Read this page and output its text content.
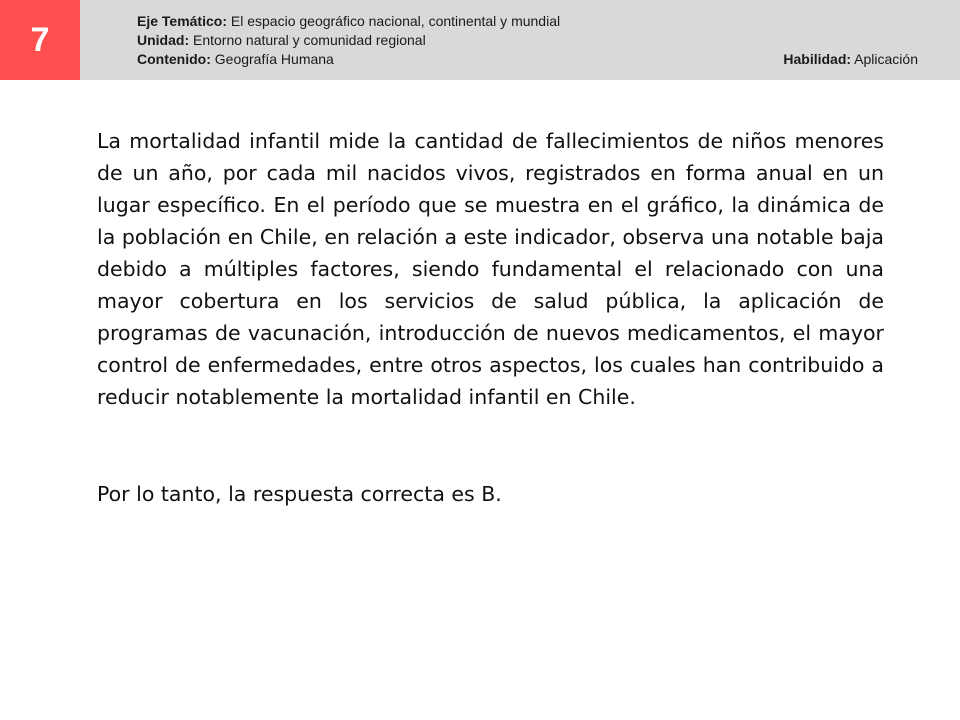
7	Eje Temático: El espacio geográfico nacional, continental y mundial
Unidad: Entorno natural y comunidad regional
Contenido: Geografía Humana	Habilidad: Aplicación

La mortalidad infantil mide la cantidad de fallecimientos de niños menores de un año, por cada mil nacidos vivos, registrados en forma anual en un lugar específico. En el período que se muestra en el gráfico, la dinámica de la población en Chile, en relación a este indicador, observa una notable baja debido a múltiples factores, siendo fundamental el relacionado con una mayor cobertura en los servicios de salud pública, la aplicación de programas de vacunación, introducción de nuevos medicamentos, el mayor control de enfermedades, entre otros aspectos, los cuales han contribuido a reducir notablemente la mortalidad infantil en Chile.

Por lo tanto, la respuesta correcta es B.
